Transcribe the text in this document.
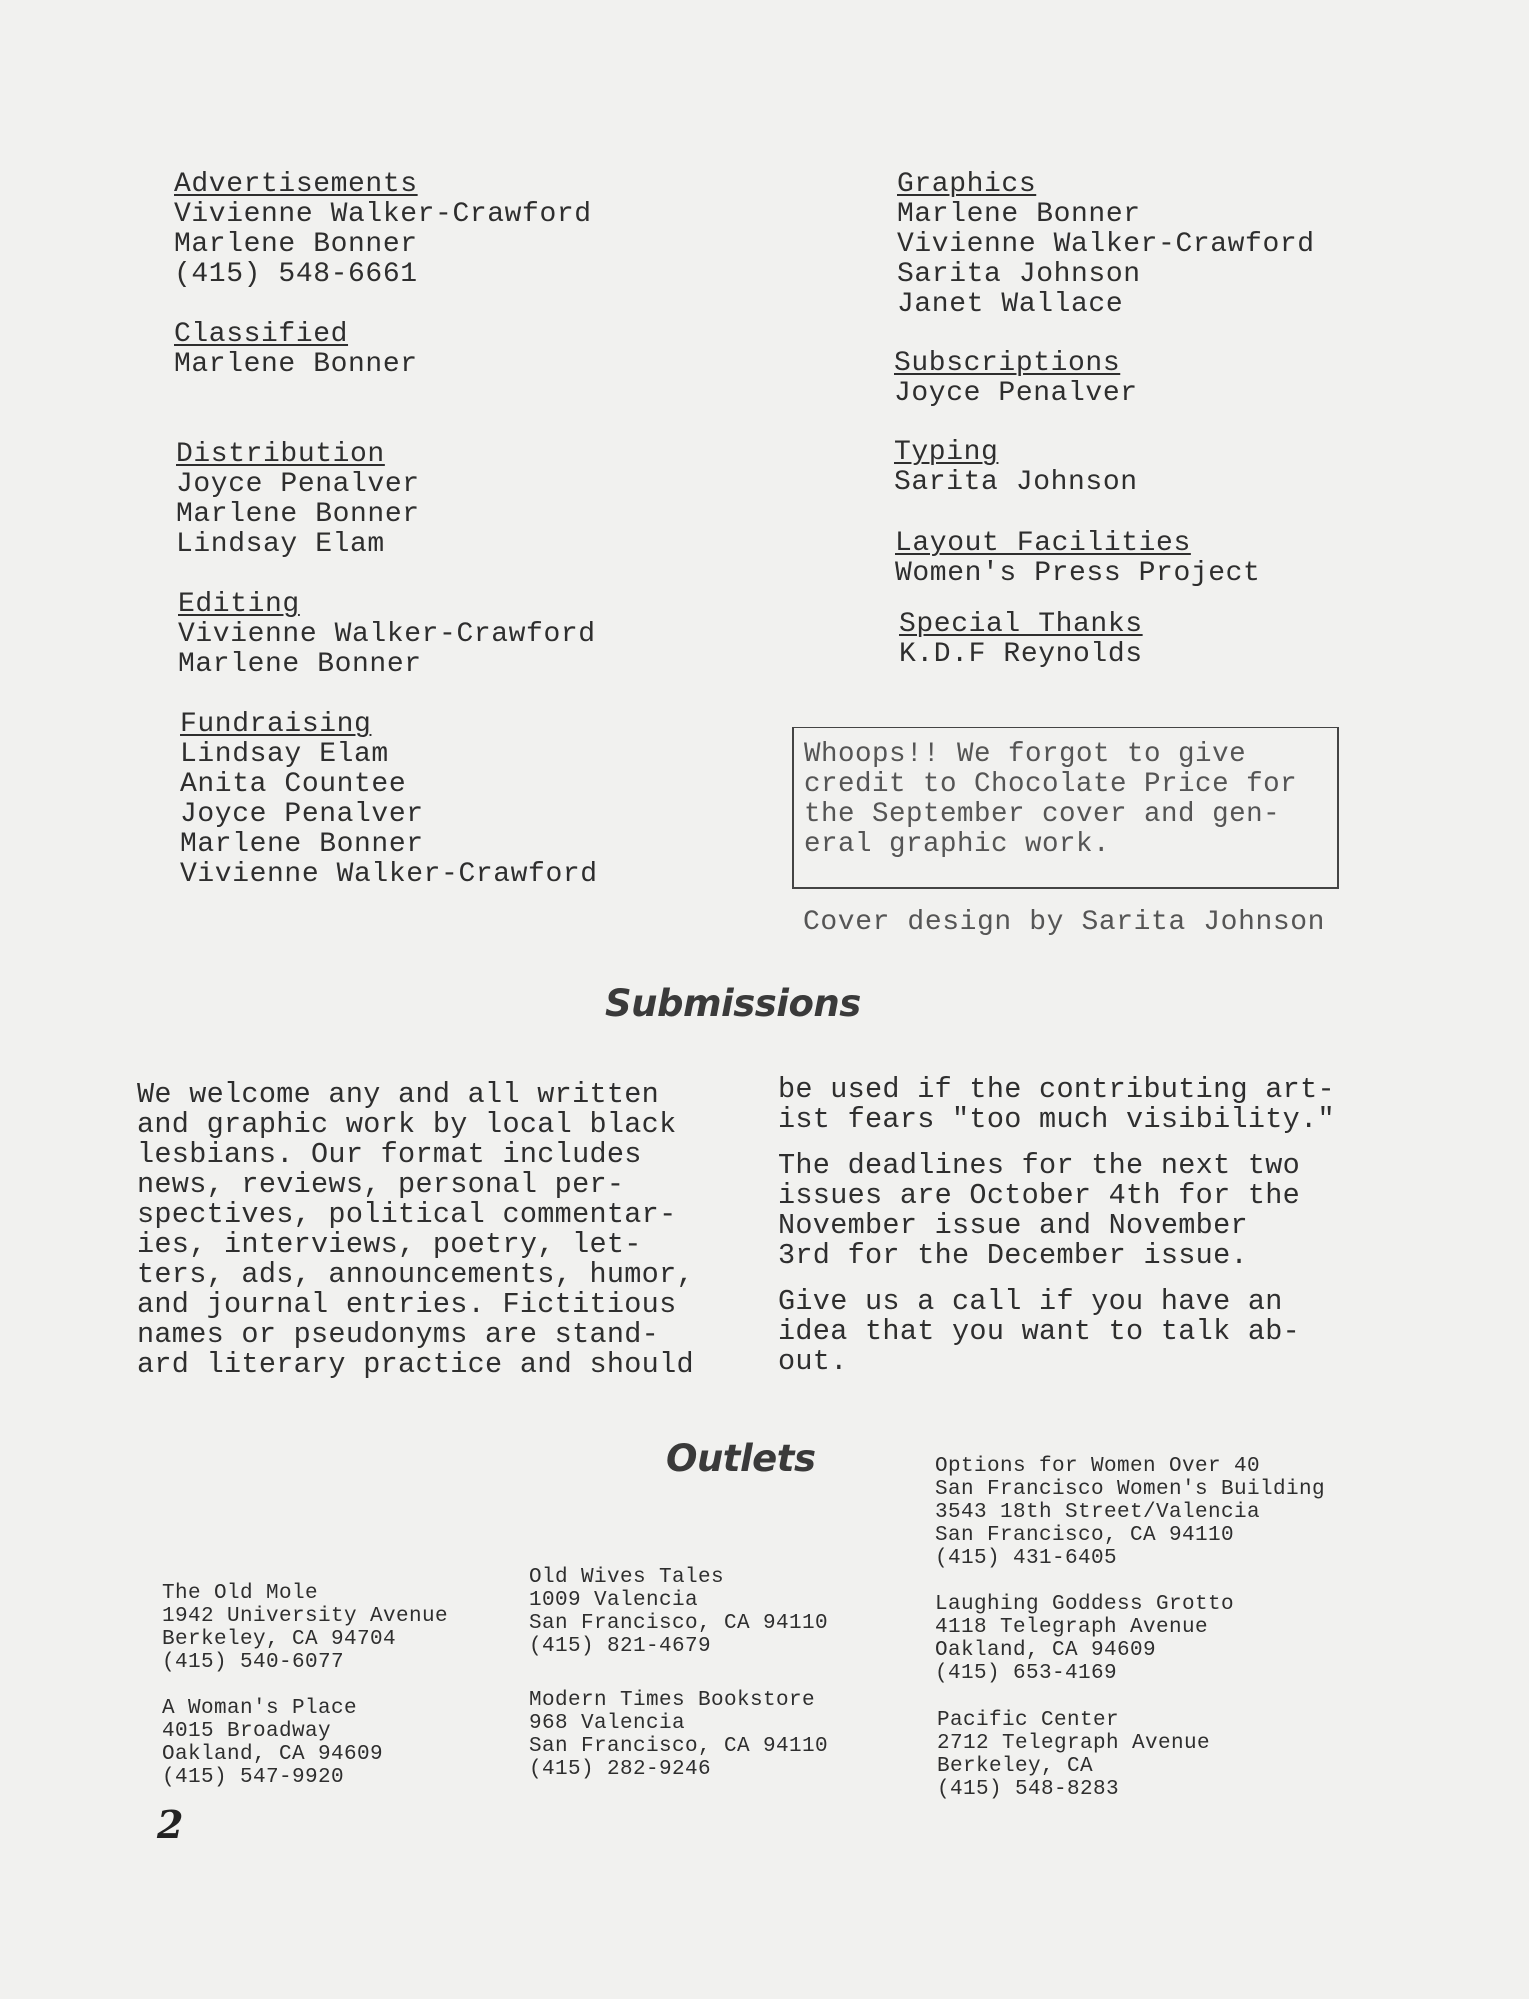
Advertisements
Vivienne Walker-Crawford
Marlene Bonner
(415) 548-6661
Classified
Marlene Bonner
Distribution
Joyce Penalver
Marlene Bonner
Lindsay Elam
Editing
Vivienne Walker-Crawford
Marlene Bonner
Fundraising
Lindsay Elam
Anita Countee
Joyce Penalver
Marlene Bonner
Vivienne Walker-Crawford
Graphics
Marlene Bonner
Vivienne Walker-Crawford
Sarita Johnson
Janet Wallace
Subscriptions
Joyce Penalver
Typing
Sarita Johnson
Layout Facilities
Women's Press Project
Special Thanks
K.D.F Reynolds
Whoops!! We forgot to give
credit to Chocolate Price for
the September cover and gen-
eral graphic work.
Cover design by Sarita Johnson
Submissions
We welcome any and all written
and graphic work by local black
lesbians. Our format includes
news, reviews, personal per-
spectives, political commentar-
ies, interviews, poetry, let-
ters, ads, announcements, humor,
and journal entries. Fictitious
names or pseudonyms are stand-
ard literary practice and should
be used if the contributing art-
ist fears "too much visibility."
The deadlines for the next two
issues are October 4th for the
November issue and November
3rd for the December issue.
Give us a call if you have an
idea that you want to talk ab-
out.
Outlets
The Old Mole
1942 University Avenue
Berkeley, CA 94704
(415) 540-6077
A Woman's Place
4015 Broadway
Oakland, CA 94609
(415) 547-9920
Old Wives Tales
1009 Valencia
San Francisco, CA 94110
(415) 821-4679
Modern Times Bookstore
968 Valencia
San Francisco, CA 94110
(415) 282-9246
Options for Women Over 40
San Francisco Women's Building
3543 18th Street/Valencia
San Francisco, CA 94110
(415) 431-6405
Laughing Goddess Grotto
4118 Telegraph Avenue
Oakland, CA 94609
(415) 653-4169
Pacific Center
2712 Telegraph Avenue
Berkeley, CA
(415) 548-8283
2
